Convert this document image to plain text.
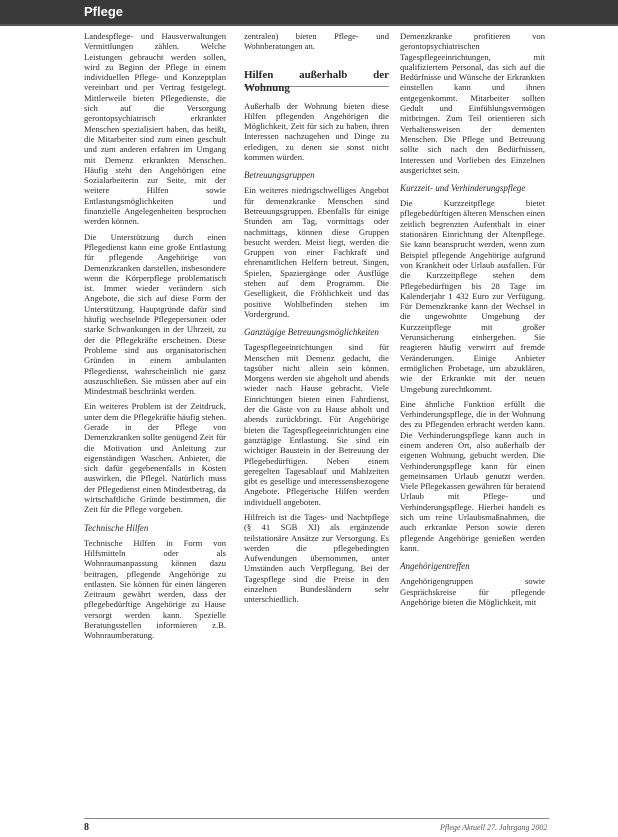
Pflege

Landespflege- und Hausverwaltungen Vermittlungen zählen. Welche Leistungen gebraucht werden sollen, wird zu Beginn der Pflege in einem individuellen Pflege- und Konzeptplan vereinbart und per Vertrag festgelegt. Mittlerweile bieten Pflegedienste, die sich auf die Versorgung gerontopsychiatrisch erkrankter Menschen spezialisiert haben, das heißt, die Mitarbeiter sind zum einen geschult und zum anderen erfahren im Umgang mit Demenz erkrankten Menschen. Häufig steht den Angehörigen eine Sozialarbeiterin zur Seite, mit der weitere Hilfen sowie Entlastungsmöglichkeiten und finanzielle Angelegenheiten besprochen werden können.

Die Unterstützung durch einen Pflegedienst kann eine große Entlastung für pflegende Angehörige von Demenzkranken darstellen, insbesondere wenn die Körperpflege problematisch ist. Immer wieder verändern sich Angebote, die sich auf diese Form der Unterstützung. Hauptgründe dafür sind häufig wechselnde Pflegepersonen oder starke Schwankungen in der Uhrzeit, zu der die Pflegekräfte erscheinen. Diese Probleme sind aus organisatorischen Gründen in einem ambulanten Pflegedienst, wahrscheinlich nie ganz auszuschließen. Sie müssen aber auf ein Mindestmaß beschränkt werden.

Ein weiteres Problem ist der Zeitdruck, unter dem die Pflegekräfte häufig stehen. Gerade in der Pflege von Demenzkranken sollte genügend Zeit für die Motivation und Anleitung zur eigenständigen Waschen. Anbieter, die sich dafür gegebenenfalls in Kosten auswirken, die Pflegel. Natürlich muss der Pflegedienst einen Mindestbetrag, da wirtschaftliche Gründe bestimmen, die Zeit für die Pflege vorgeben.

Technische Hilfen

Technische Hilfen in Form von Hilfsmitteln oder als Wohnraumanpassung können dazu beitragen, pflegende Angehörige zu entlasten. Sie können für einen längeren Zeitraum gewährt werden, dass der pflegebedürftige Angehörige zu Hause versorgt werden kann. Spezielle Beratungsstellen informieren z.B. Wohnraumberatung.

zentralen) bieten Pflege- und Wohnberatungen an.

Hilfen außerhalb der Wohnung

Außerhalb der Wohnung bieten diese Hilfen pflegenden Angehörigen die Möglichkeit, Zeit für sich zu haben, ihren Interessen nachzugehen und Dinge zu erledigen, zu denen sie sonst nicht kommen würden.

Betreuungsgruppen

Ein weiteres niedrigschwelliges Angebot für demenzkranke Menschen sind Betreuungsgruppen. Ebenfalls für einige Stunden am Tag, vormittags oder nachmittags, können diese Gruppen besucht werden. Meist liegt, werden die Gruppen von einer Fachkraft und ehrenamtlichen Helfern betreut. Singen, Spielen, Spaziergänge oder Ausflüge stehen auf dem Programm. Die Geselligkeit, die Fröhlichkeit und das positive Wohlbefinden stehen im Vordergrund.

Ganztägige Betreuungsmöglichkeiten

Tagespflegeeinrichtungen sind für Menschen mit Demenz gedacht, die tagsüber nicht allein sein können. Morgens werden sie abgeholt und abends wieder nach Hause gebracht. Viele Einrichtungen bieten einen Fahrdienst, der die Gäste von zu Hause abholt und abends zurückbringt. Für Angehörige bieten die Tagespflegeeinrichtungen eine ganztägige Entlastung. Sie sind ein wichtiger Baustein in der Betreuung der Pflegebedürftigen. Neben einem geregelten Tagesablauf und Mahlzeiten gibt es gesellige und interessensbezogene Angebote. Pflegerische Hilfen werden individuell angeboten.

Hilfreich ist die Tages- und Nachtpflege (§ 41 SGB XI) als ergänzende teilstationäre Ansätze zur Versorgung. Es werden die pflegebedingten Aufwendungen übernommen, unter Umständen auch Verpflegung. Bei der Tagespflege sind die Preise in den einzelnen Bundesländern sehr unterschiedlich.

Demenzkranke profitieren von gerontopsychiatrischen Tagespflegeeinrichtungen, mit qualifiziertem Personal, das sich auf die Bedürfnisse und Wünsche der Erkrankten einstellen kann und ihnen entgegenkommt. Mitarbeiter sollten Gedult und Einfühlungsvermögen mitbringen. Zum Teil orientieren sich Verhaltensweisen der dementen Menschen. Die Pflege und Betreuung sollte sich nach den Bedürfnissen, Interessen und Vorlieben des Einzelnen ausgerichtet sein.

Kurzzeit- und Verhinderungspflege

Die Kurzzeitpflege bietet pflegebedürftigen älteren Menschen einen zeitlich begrenzten Aufenthalt in einer stationären Einrichtung der Altenpflege. Sie kann beansprucht werden, wenn zum Beispiel pflegende Angehörige aufgrund von Krankheit oder Urlaub ausfallen. Für die Kurzzeitpflege stehen dem Pflegebedürftigen bis 28 Tage im Kalenderjahr 1 432 Euro zur Verfügung. Für Demenzkranke kann der Wechsel in die ungewohnte Umgebung der Kurzzeitpflege mit großer Verunsicherung einhergehen. Sie reagieren häufig verwirrt auf fremde Veränderungen. Einige Anbieter ermöglichen Probetage, um abzuklären, wie der Erkrankte mit der neuen Umgebung zurechtkommt.

Eine ähnliche Funktion erfüllt die Verhinderungspflege, die in der Wohnung des zu Pflegenden erbracht werden kann. Die Verhinderungspflege kann auch in einem anderen Ort, also außerhalb der eigenen Wohnung, gebucht werden. Die Verhinderungspflege kann für einen gemeinsamen Urlaub genutzt werden. Viele Pflegekassen gewähren für beratend Urlaub mit Pflege- und Verhinderungspflege. Hierbei handelt es sich um reine Urlaubsmaßnahmen, die auch erkrankte Person sowie deren pflegende Angehörige genießen werden kann.

Angehörigentreffen

Angehörigengruppen sowie Gesprächskreise für pflegende Angehörige bieten die Möglichkeit, mit

8	Pflege Aktuell 27. Jahrgang 2002
